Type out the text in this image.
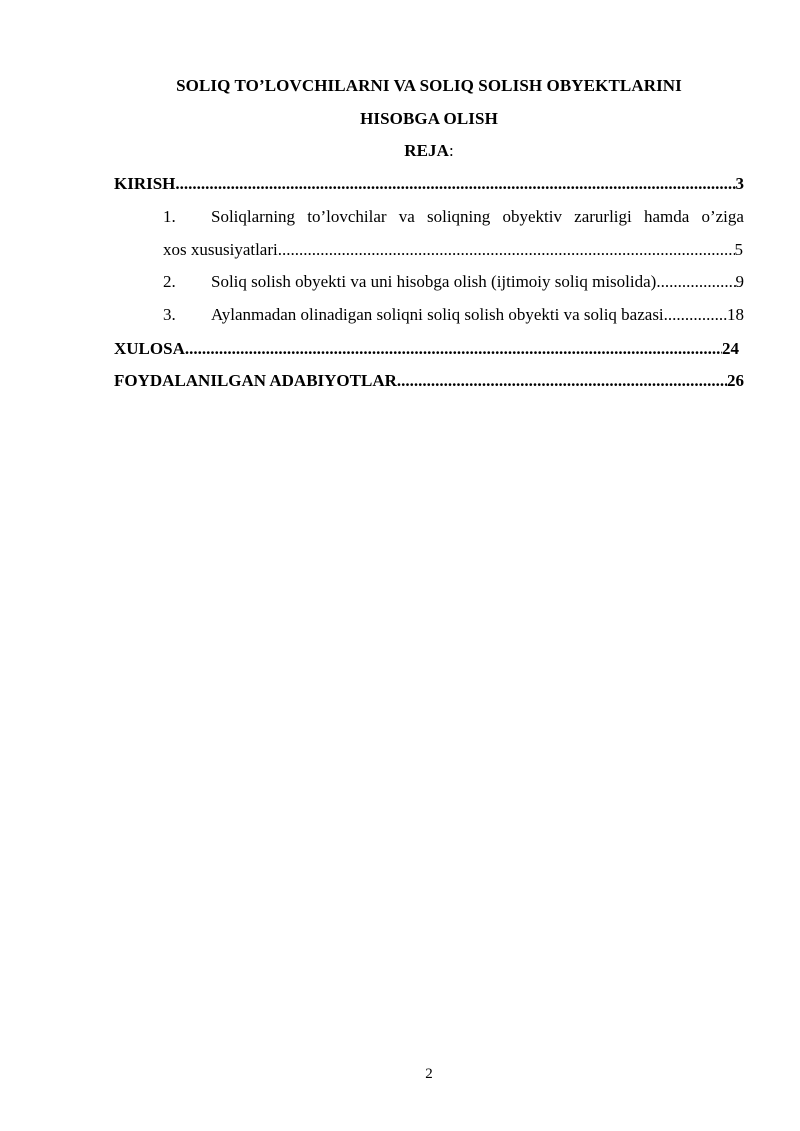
SOLIQ TO’LOVCHILARNI VA SOLIQ SOLISH OBYEKTLARINI
HISOBGA OLISH
REJA:
KIRISH .....	3
1. Soliqlarning to’lovchilar va soliqning obyektiv zarurligi hamda o’ziga
xos xususiyatlari .....	5
2. Soliq solish obyekti va uni hisobga olish (ijtimoiy soliq misolida) .....	9
3. Aylanmadan olinadigan soliqni soliq solish obyekti va soliq bazasi .....	18
XULOSA .....	24
FOYDALANILGAN ADABIYOTLAR .....	26
2
